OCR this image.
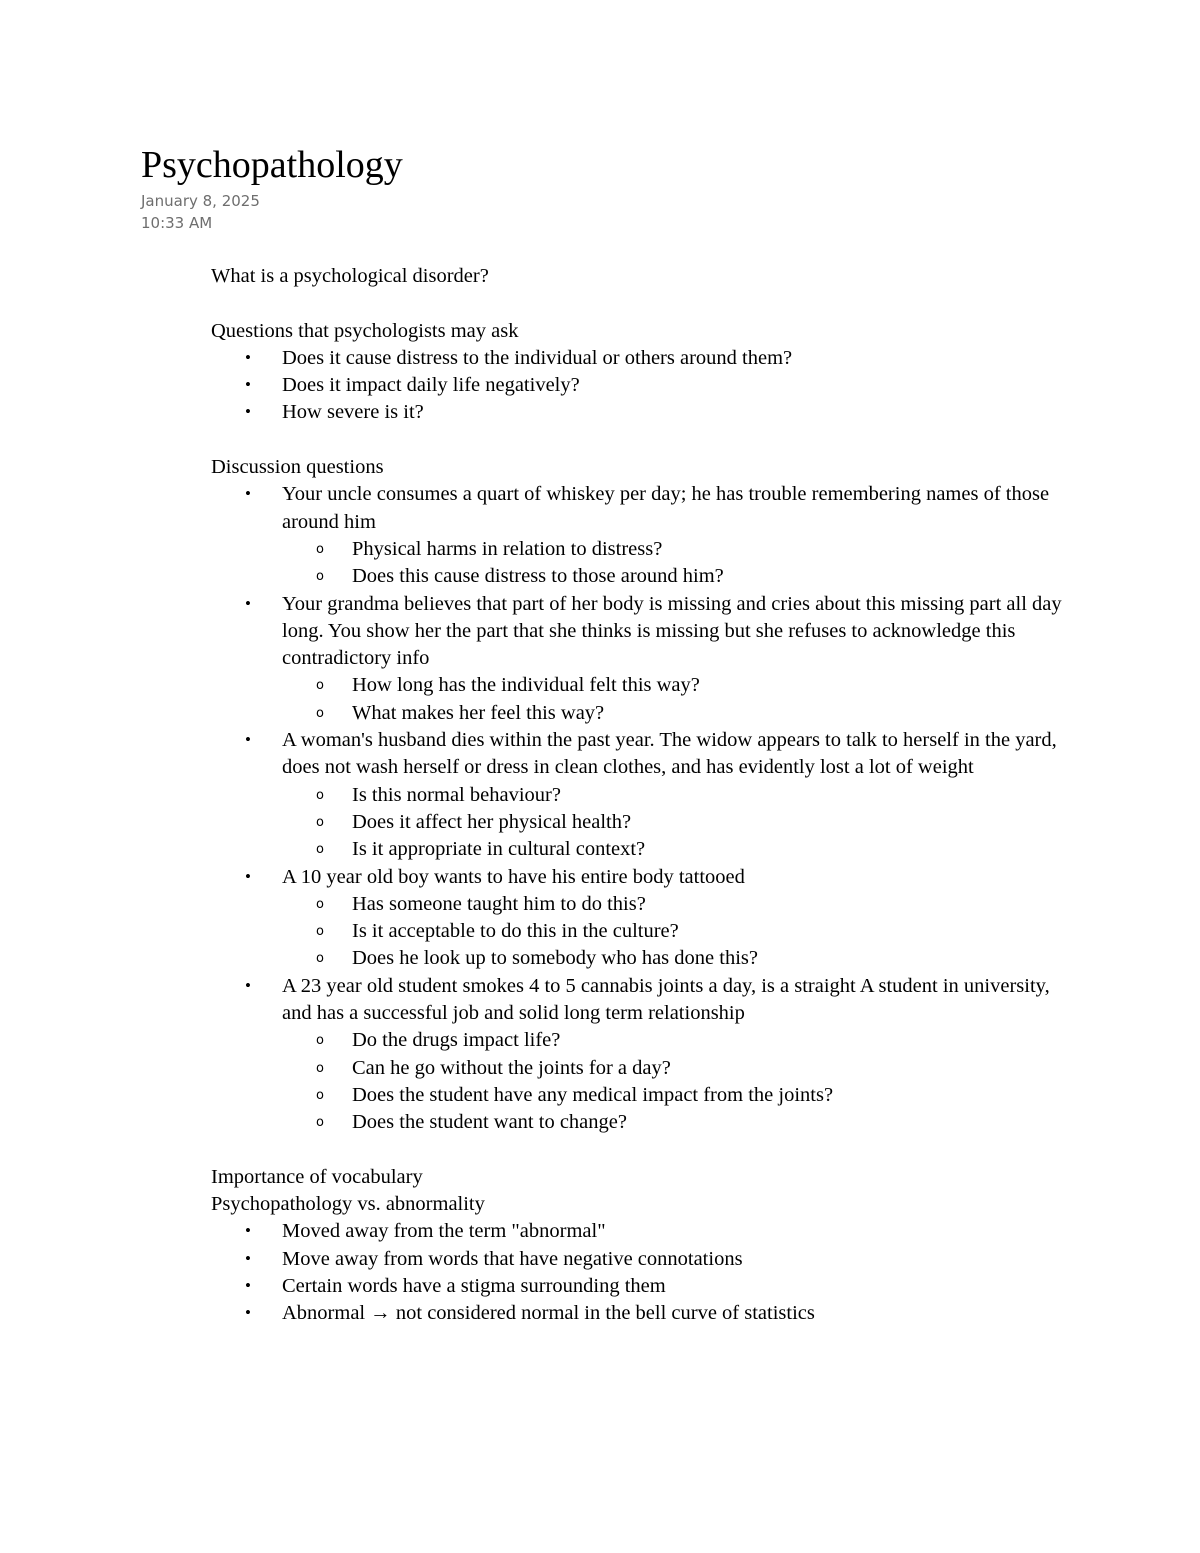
Psychopathology
January 8, 2025
10:33 AM

What is a psychological disorder?

Questions that psychologists may ask

• Does it cause distress to the individual or others around them?
• Does it impact daily life negatively?
• How severe is it?

Discussion questions

• Your uncle consumes a quart of whiskey per day; he has trouble remembering names of those around him
o Physical harms in relation to distress?
o Does this cause distress to those around him?
• Your grandma believes that part of her body is missing and cries about this missing part all day long. You show her the part that she thinks is missing but she refuses to acknowledge this contradictory info
o How long has the individual felt this way?
o What makes her feel this way?
• A woman's husband dies within the past year. The widow appears to talk to herself in the yard, does not wash herself or dress in clean clothes, and has evidently lost a lot of weight
o Is this normal behaviour?
o Does it affect her physical health?
o Is it appropriate in cultural context?
• A 10 year old boy wants to have his entire body tattooed
o Has someone taught him to do this?
o Is it acceptable to do this in the culture?
o Does he look up to somebody who has done this?
• A 23 year old student smokes 4 to 5 cannabis joints a day, is a straight A student in university, and has a successful job and solid long term relationship
o Do the drugs impact life?
o Can he go without the joints for a day?
o Does the student have any medical impact from the joints?
o Does the student want to change?

Importance of vocabulary

Psychopathology vs. abnormality

• Moved away from the term "abnormal"
• Move away from words that have negative connotations
• Certain words have a stigma surrounding them
• Abnormal → not considered normal in the bell curve of statistics
